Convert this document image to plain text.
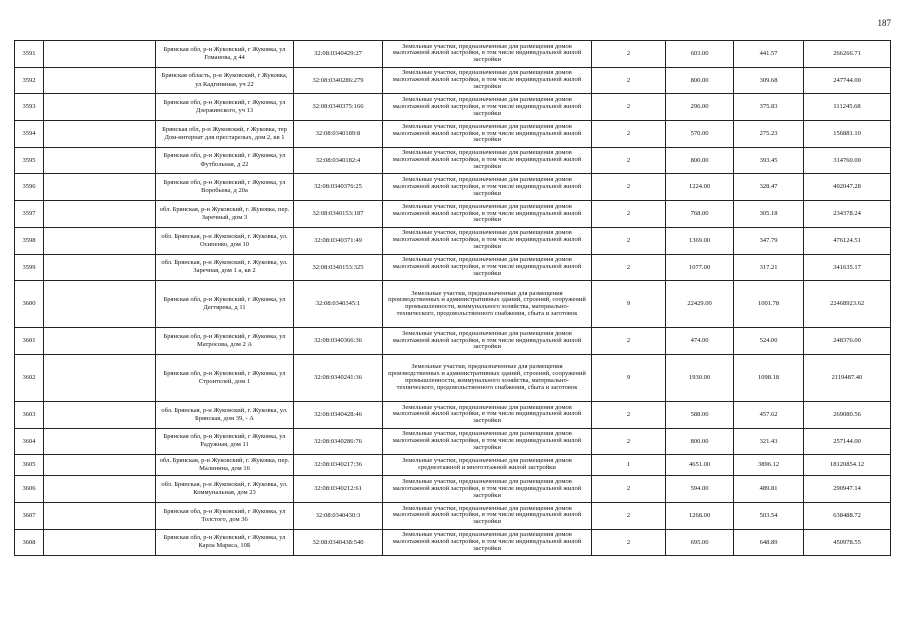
187
3591		Брянская обл, р-н Жуковский, г Жуковка, ул Гоманова, д 44	32:08:0340429:27	Земельные участки, предназначенные для размещения домов малоэтажной жилой застройки, в том числе индивидуальной жилой застройки	2	603.00	441.57	266266.71
3592		Брянская область, р-н Жуковский, г Жуковка, ул Кадгининая, уч 22	32:08:0340286:279	Земельные участки, предназначенные для размещения домов малоэтажной жилой застройки, в том числе индивидуальной жилой застройки	2	800.00	309.68	247744.00
3593		Брянская обл, р-н Жуковский, г Жуковка, ул Дзержинского, уч 13	32:08:0340375:166	Земельные участки, предназначенные для размещения домов малоэтажной жилой застройки, в том числе индивидуальной жилой застройки	2	296.00	375.83	111245.68
3594		Брянская обл, р-н Жуковский, г Жуковка, тер Дом-интернат для престарелых, дом 2, кв 1	32:08:0340189:8	Земельные участки, предназначенные для размещения домов малоэтажной жилой застройки, в том числе индивидуальной жилой застройки	2	570.00	275.23	156881.10
3595		Брянская обл, р-н Жуковский, г Жуковка, ул Футбольная, д 22	32:08:0340182:4	Земельные участки, предназначенные для размещения домов малоэтажной жилой застройки, в том числе индивидуальной жилой застройки	2	800.00	393.45	314760.00
3596		Брянская обл, р-н Жуковский, г Жуковка, ул Воробьева, д 20а	32:08:0340376:25	Земельные участки, предназначенные для размещения домов малоэтажной жилой застройки, в том числе индивидуальной жилой застройки	2	1224.00	328.47	402047.28
3597		обл. Брянская, р-н Жуковский, г. Жуковка, пер. Заречный, дом 3	32:08:0340153:187	Земельные участки, предназначенные для размещения домов малоэтажной жилой застройки, в том числе индивидуальной жилой застройки	2	768.00	305.18	234378.24
3598		обл. Брянская, р-н Жуковский, г. Жуковка, ул. Осипенко, дом 10	32:08:0340371:49	Земельные участки, предназначенные для размещения домов малоэтажной жилой застройки, в том числе индивидуальной жилой застройки	2	1369.00	347.79	476124.51
3599		обл. Брянская, р-н Жуковский, г. Жуковка, ул. Заречная, дом 1 а, кв 2	32:08:0340153:325	Земельные участки, предназначенные для размещения домов малоэтажной жилой застройки, в том числе индивидуальной жилой застройки	2	1077.00	317.21	341635.17
3600		Брянская обл, р-н Жуковский, г Жуковка, ул Дегтярева, д 11	32:08:0340345:1	Земельные участки, предназначенные для размещения производственных и административных зданий, строений, сооружений промышленности, коммунального хозяйства, материально-технического, продовольственного снабжения, сбыта и заготовок	9	22429.00	1001.78	22468923.62
3601		Брянская обл, р-н Жуковский, г Жуковка, ул Матросова, дом 2 А	32:08:0340366:36	Земельные участки, предназначенные для размещения домов малоэтажной жилой застройки, в том числе индивидуальной жилой застройки	2	474.00	524.00	248376.00
3602		Брянская обл, р-н Жуковский, г Жуковка, ул Строителей, дом 1	32:08:0340241:36	Земельные участки, предназначенные для размещения производственных и административных зданий, строений, сооружений промышленности, коммунального хозяйства, материально-технического, продовольственного снабжения, сбыта и заготовок	9	1930.00	1098.18	2119487.40
3603		обл. Брянская, р-н Жуковский, г. Жуковка, ул. Брянская, дом 39, - А	32:08:0340428:46	Земельные участки, предназначенные для размещения домов малоэтажной жилой застройки, в том числе индивидуальной жилой застройки	2	588.00	457.62	269080.56
3604		Брянская обл, р-н Жуковский, г Жуковка, ул Радужная, дом 11	32:08:0340286:76	Земельные участки, предназначенные для размещения домов малоэтажной жилой застройки, в том числе индивидуальной жилой застройки	2	800.00	321.43	257144.00
3605		обл. Брянская, р-н Жуковский, г. Жуковка, пер. Малинина, дом 16	32:08:0340217:36	Земельные участки, предназначенные для размещения домов среднеэтажной и многоэтажной жилой застройки	1	4651.00	3896.12	18120854.12
3606		обл. Брянская, р-н Жуковский, г. Жуковка, ул. Коммунальная, дом 23	32:08:0340212:61	Земельные участки, предназначенные для размещения домов малоэтажной жилой застройки, в том числе индивидуальной жилой застройки	2	594.00	489.81	290947.14
3607		Брянская обл, р-н Жуковский, г Жуковка, ул Толстого, дом 36	32:08:0340430:3	Земельные участки, предназначенные для размещения домов малоэтажной жилой застройки, в том числе индивидуальной жилой застройки	2	1268.00	503.54	638488.72
3608		Брянская обл, р-н Жуковский, г Жуковка, ул Карла Маркса, 10Б	32:08:0340438:540	Земельные участки, предназначенные для размещения домов малоэтажной жилой застройки, в том числе индивидуальной жилой застройки	2	695.00	648.89	450978.55
